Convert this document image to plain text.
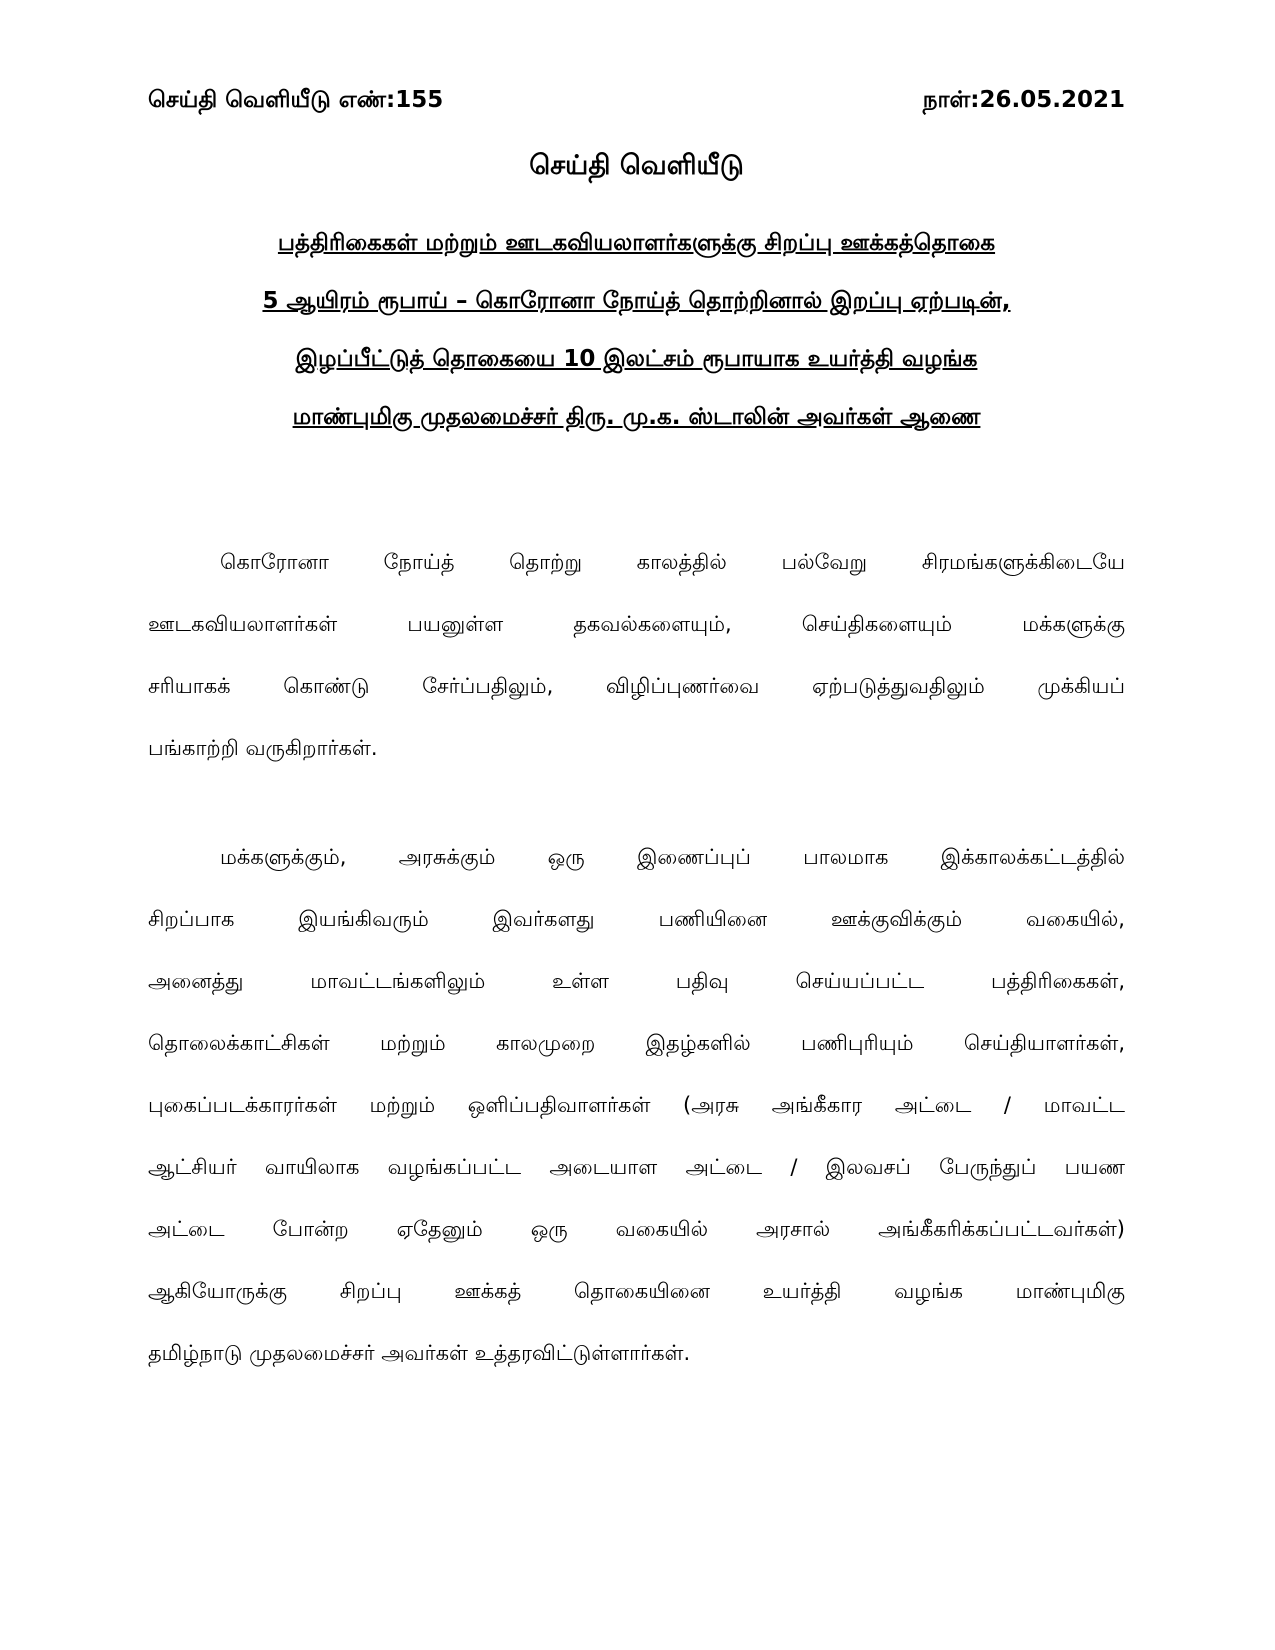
செய்தி வெளியீடு எண்:155	நாள்:26.05.2021
செய்தி வெளியீடு
பத்திரிகைகள் மற்றும் ஊடகவியலாளர்களுக்கு சிறப்பு ஊக்கத்தொகை
5 ஆயிரம் ரூபாய் – கொரோனா நோய்த் தொற்றினால் இறப்பு ஏற்படின்,
இழப்பீட்டுத் தொகையை 10 இலட்சம் ரூபாயாக உயர்த்தி வழங்க
மாண்புமிகு முதலமைச்சர் திரு. மு.க. ஸ்டாலின் அவர்கள் ஆணை
கொரோனா நோய்த் தொற்று காலத்தில் பல்வேறு சிரமங்களுக்கிடையே
ஊடகவியலாளர்கள் பயனுள்ள தகவல்களையும், செய்திகளையும் மக்களுக்கு
சரியாகக் கொண்டு சேர்ப்பதிலும், விழிப்புணர்வை ஏற்படுத்துவதிலும் முக்கியப்
பங்காற்றி வருகிறார்கள்.
மக்களுக்கும், அரசுக்கும் ஒரு இணைப்புப் பாலமாக இக்காலக்கட்டத்தில்
சிறப்பாக இயங்கிவரும் இவர்களது பணியினை ஊக்குவிக்கும் வகையில்,
அனைத்து மாவட்டங்களிலும் உள்ள பதிவு செய்யப்பட்ட பத்திரிகைகள்,
தொலைக்காட்சிகள் மற்றும் காலமுறை இதழ்களில் பணிபுரியும் செய்தியாளர்கள்,
புகைப்படக்காரர்கள் மற்றும் ஒளிப்பதிவாளர்கள் (அரசு அங்கீகார அட்டை / மாவட்ட
ஆட்சியர் வாயிலாக வழங்கப்பட்ட அடையாள அட்டை / இலவசப் பேருந்துப் பயண
அட்டை போன்ற ஏதேனும் ஒரு வகையில் அரசால் அங்கீகரிக்கப்பட்டவர்கள்)
ஆகியோருக்கு சிறப்பு ஊக்கத் தொகையினை உயர்த்தி வழங்க மாண்புமிகு
தமிழ்நாடு முதலமைச்சர் அவர்கள் உத்தரவிட்டுள்ளார்கள்.
